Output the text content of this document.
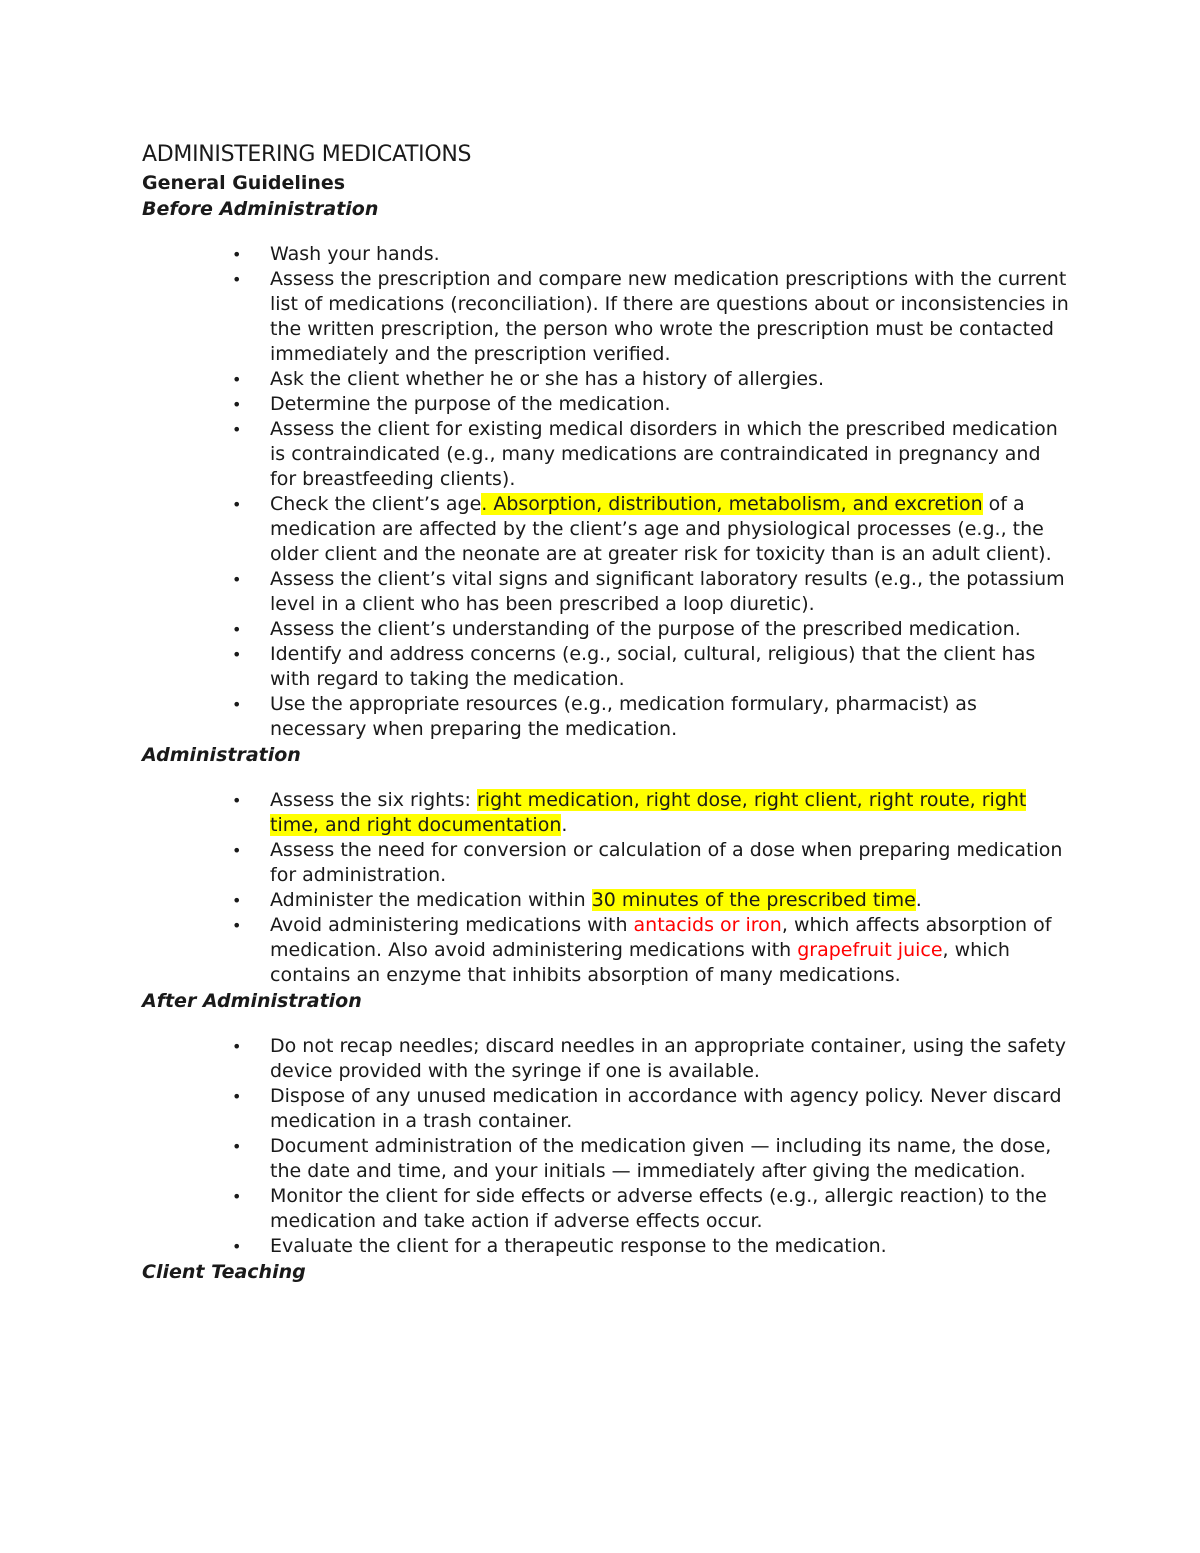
ADMINISTERING MEDICATIONS
General Guidelines
Before Administration
• Wash your hands.
• Assess the prescription and compare new medication prescriptions with the current list of medications (reconciliation). If there are questions about or inconsistencies in the written prescription, the person who wrote the prescription must be contacted immediately and the prescription verified.
• Ask the client whether he or she has a history of allergies.
• Determine the purpose of the medication.
• Assess the client for existing medical disorders in which the prescribed medication is contraindicated (e.g., many medications are contraindicated in pregnancy and for breastfeeding clients).
• Check the client’s age. Absorption, distribution, metabolism, and excretion of a medication are affected by the client’s age and physiological processes (e.g., the older client and the neonate are at greater risk for toxicity than is an adult client).
• Assess the client’s vital signs and significant laboratory results (e.g., the potassium level in a client who has been prescribed a loop diuretic).
• Assess the client’s understanding of the purpose of the prescribed medication.
• Identify and address concerns (e.g., social, cultural, religious) that the client has with regard to taking the medication.
• Use the appropriate resources (e.g., medication formulary, pharmacist) as necessary when preparing the medication.
Administration
• Assess the six rights: right medication, right dose, right client, right route, right time, and right documentation.
• Assess the need for conversion or calculation of a dose when preparing medication for administration.
• Administer the medication within 30 minutes of the prescribed time.
• Avoid administering medications with antacids or iron, which affects absorption of medication. Also avoid administering medications with grapefruit juice, which contains an enzyme that inhibits absorption of many medications.
After Administration
• Do not recap needles; discard needles in an appropriate container, using the safety device provided with the syringe if one is available.
• Dispose of any unused medication in accordance with agency policy. Never discard medication in a trash container.
• Document administration of the medication given — including its name, the dose, the date and time, and your initials — immediately after giving the medication.
• Monitor the client for side effects or adverse effects (e.g., allergic reaction) to the medication and take action if adverse effects occur.
• Evaluate the client for a therapeutic response to the medication.
Client Teaching
